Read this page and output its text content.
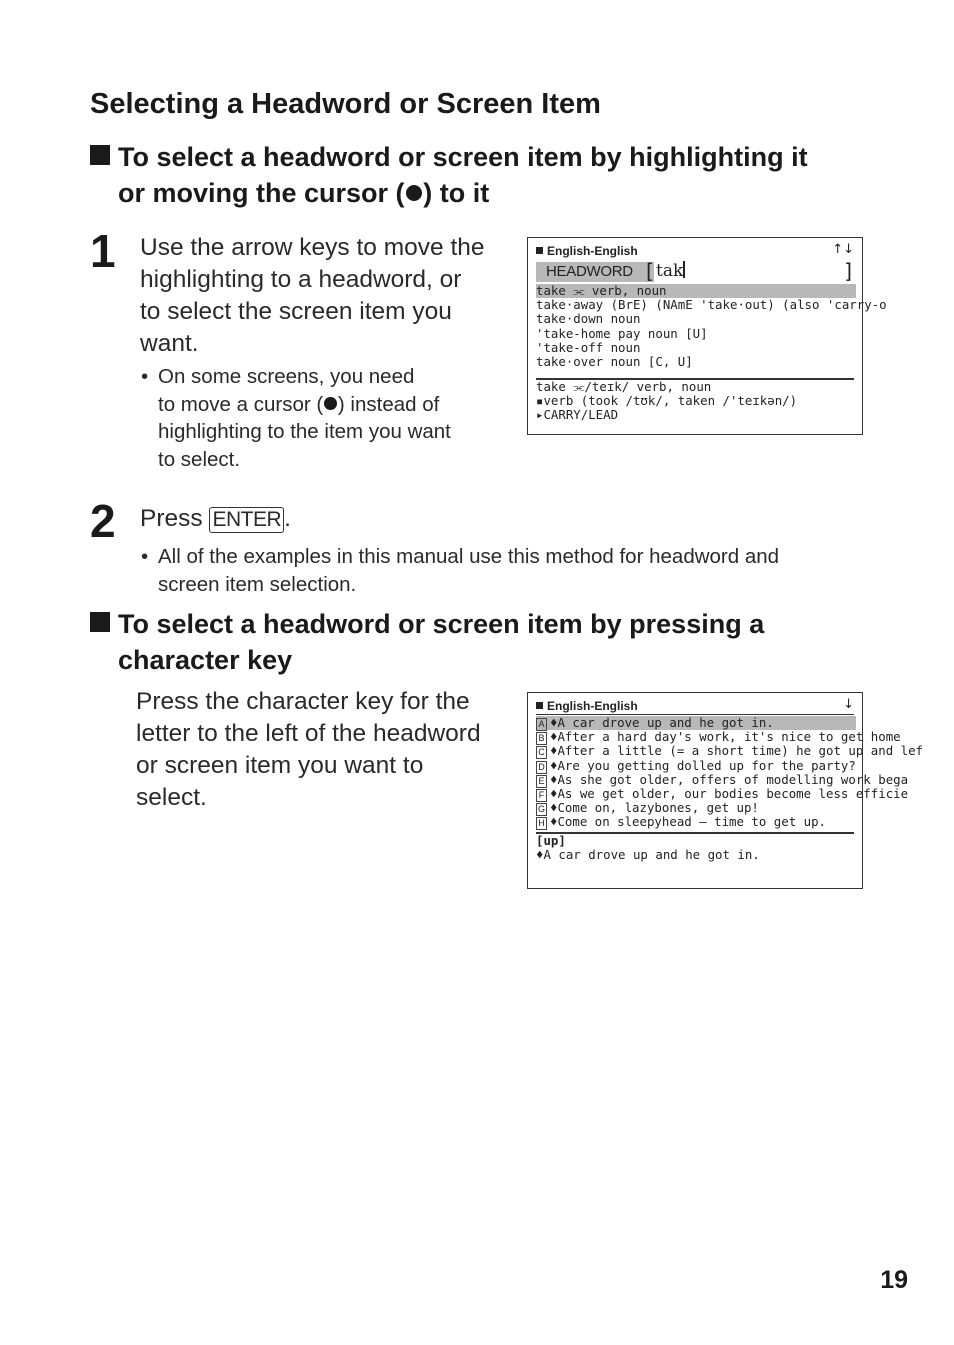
Selecting a Headword or Screen Item
To select a headword or screen item by highlighting it
or moving the cursor ( ) to it
1 Use the arrow keys to move the
highlighting to a headword, or
to select the screen item you
want.
• On some screens, you need
to move a cursor ( ) instead of
highlighting to the item you want
to select.
English-English	↑↓
HEADWORD [ tak	]
take ⫘ verb, noun
take·away (BrE) (NAmE 'take·out) (also 'carry-o
take·down noun
'take-home pay noun [U]
'take-off noun
take·over noun [C, U]
take ⫘/teɪk/ verb, noun
▪verb (took /tʊk/, taken /'teɪkən/)
▸CARRY/LEAD
2 Press ENTER .
• All of the examples in this manual use this method for headword and
screen item selection.
To select a headword or screen item by pressing a
character key
Press the character key for the
letter to the left of the headword
or screen item you want to
select.
English-English	↓
A ♦A car drove up and he got in.
B ♦After a hard day's work, it's nice to get home
C ♦After a little (= a short time) he got up and lef
D ♦Are you getting dolled up for the party?
E ♦As she got older, offers of modelling work bega
F ♦As we get older, our bodies become less efficie
G ♦Come on, lazybones, get up!
H ♦Come on sleepyhead — time to get up.
[up]
♦A car drove up and he got in.
19
